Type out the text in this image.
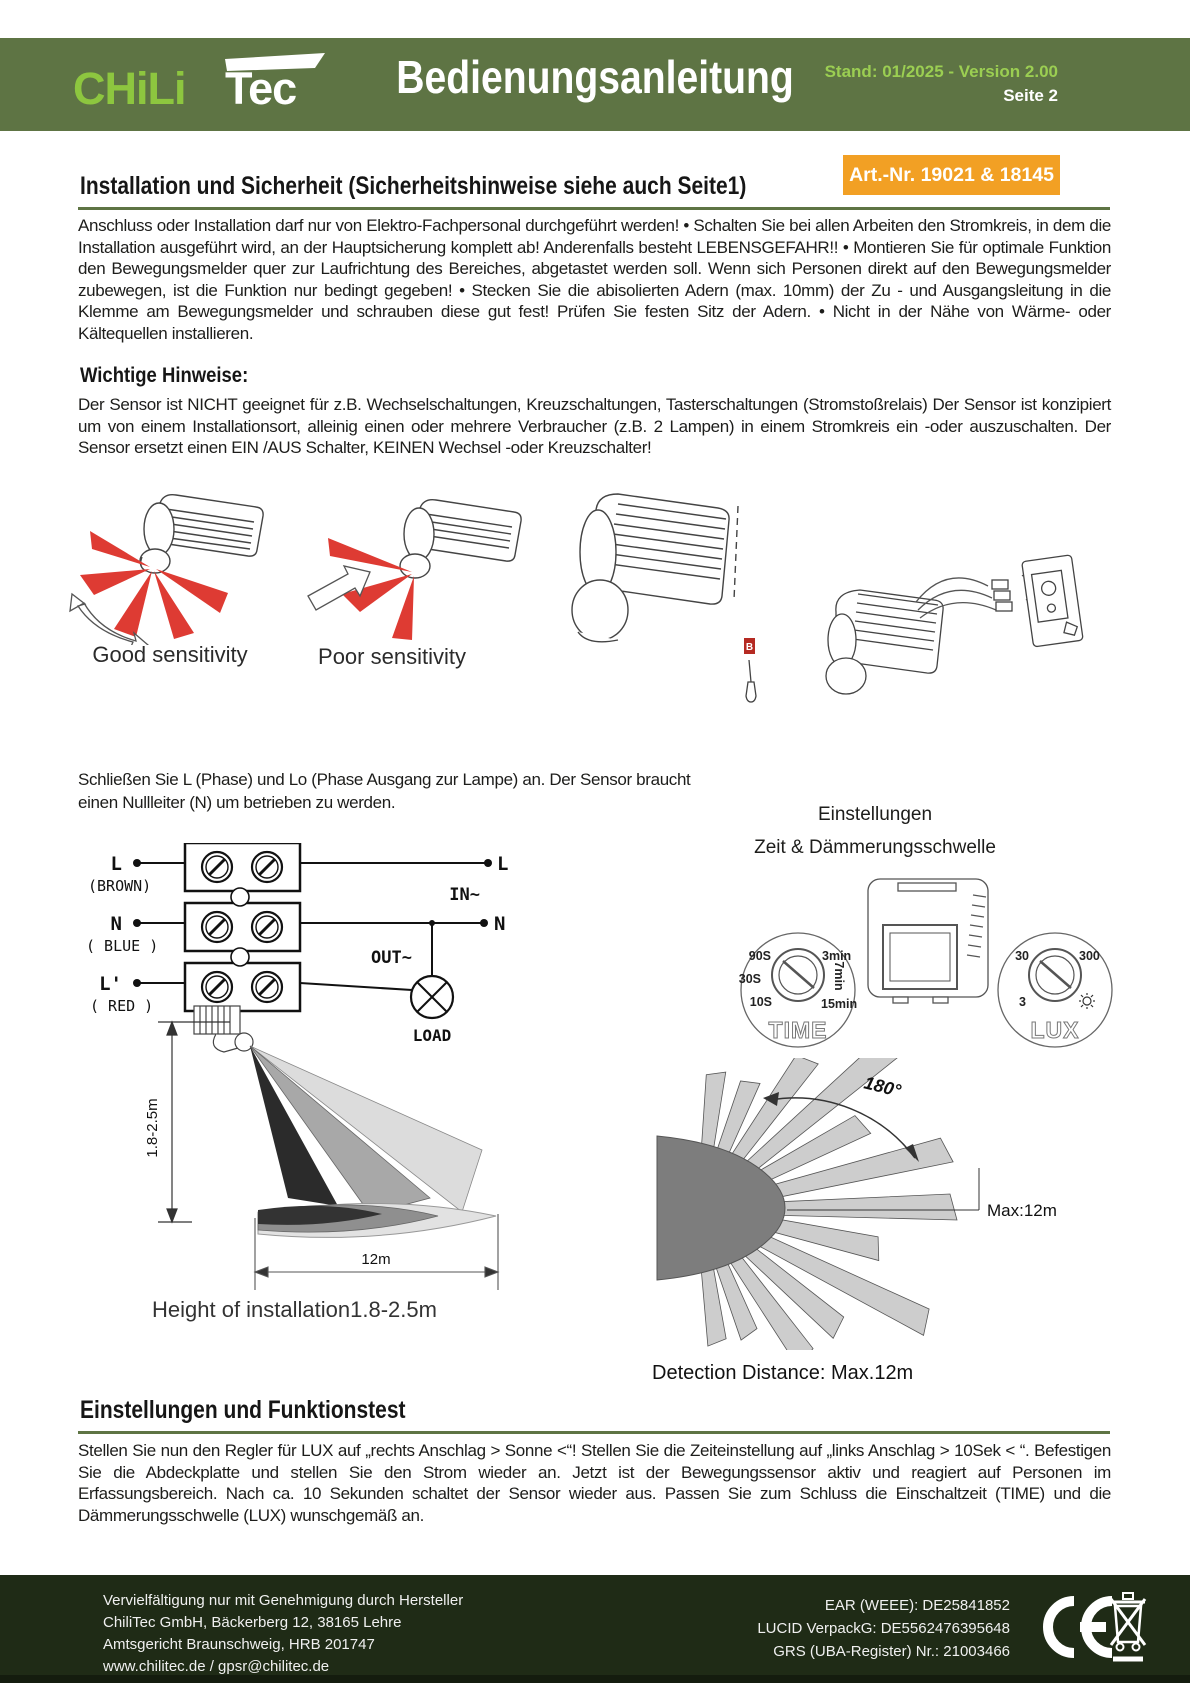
CHiLi Tec Bedienungsanleitung Stand: 01/2025 - Version 2.00
Seite 2
Art.-Nr. 19021 & 18145
Installation und Sicherheit (Sicherheitshinweise siehe auch Seite1)
Anschluss oder Installation darf nur von Elektro-Fachpersonal durchgeführt werden! • Schalten Sie bei allen Arbeiten den Stromkreis, in dem die Installation ausgeführt wird, an der Hauptsicherung komplett ab! Anderenfalls besteht LEBENSGEFAHR!! • Montieren Sie für optimale Funktion den Bewegungsmelder quer zur Laufrichtung des Bereiches, abgetastet werden soll. Wenn sich Personen direkt auf den Bewegungsmelder zubewegen, ist die Funktion nur bedingt gegeben! • Stecken Sie die abisolierten Adern (max. 10mm) der Zu - und Ausgangsleitung in die Klemme am Bewegungsmelder und schrauben diese gut fest! Prüfen Sie festen Sitz der Adern. • Nicht in der Nähe von Wärme- oder Kältequellen installieren.
Wichtige Hinweise:
Der Sensor ist NICHT geeignet für z.B. Wechselschaltungen, Kreuzschaltungen, Tasterschaltungen (Stromstoßrelais) Der Sensor ist konzipiert um von einem Installationsort, alleinig einen oder mehrere Verbraucher (z.B. 2 Lampen) in einem Stromkreis ein -oder auszuschalten. Der Sensor ersetzt einen EIN /AUS Schalter, KEINEN Wechsel -oder Kreuzschalter!
Good sensitivity	Poor sensitivity	B
Schließen Sie L (Phase) und Lo (Phase Ausgang zur Lampe) an. Der Sensor braucht einen Nullleiter (N) um betrieben zu werden.
Einstellungen
Zeit & Dämmerungsschwelle
L
(BROWN)
N
( BLUE )
L'
( RED )
L
IN~
N
OUT~
LOAD
90S	3min
30S	7min
10S	15min
TIME
30	300
3
LUX
1.8-2.5m
12m
Height of installation1.8-2.5m
180°
Max:12m
Detection Distance: Max.12m
Einstellungen und Funktionstest
Stellen Sie nun den Regler für LUX auf „rechts Anschlag > Sonne <“! Stellen Sie die Zeiteinstellung auf „links Anschlag > 10Sek < “. Befestigen Sie die Abdeckplatte und stellen Sie den Strom wieder an. Jetzt ist der Bewegungssensor aktiv und reagiert auf Personen im Erfassungsbereich. Nach ca. 10 Sekunden schaltet der Sensor wieder aus. Passen Sie zum Schluss die Einschaltzeit (TIME) und die Dämmerungsschwelle (LUX) wunschgemäß an.
Vervielfältigung nur mit Genehmigung durch Hersteller
ChiliTec GmbH, Bäckerberg 12, 38165 Lehre
Amtsgericht Braunschweig, HRB 201747
www.chilitec.de / gpsr@chilitec.de
EAR (WEEE): DE25841852
LUCID VerpackG: DE5562476395648
GRS (UBA-Register) Nr.: 21003466
